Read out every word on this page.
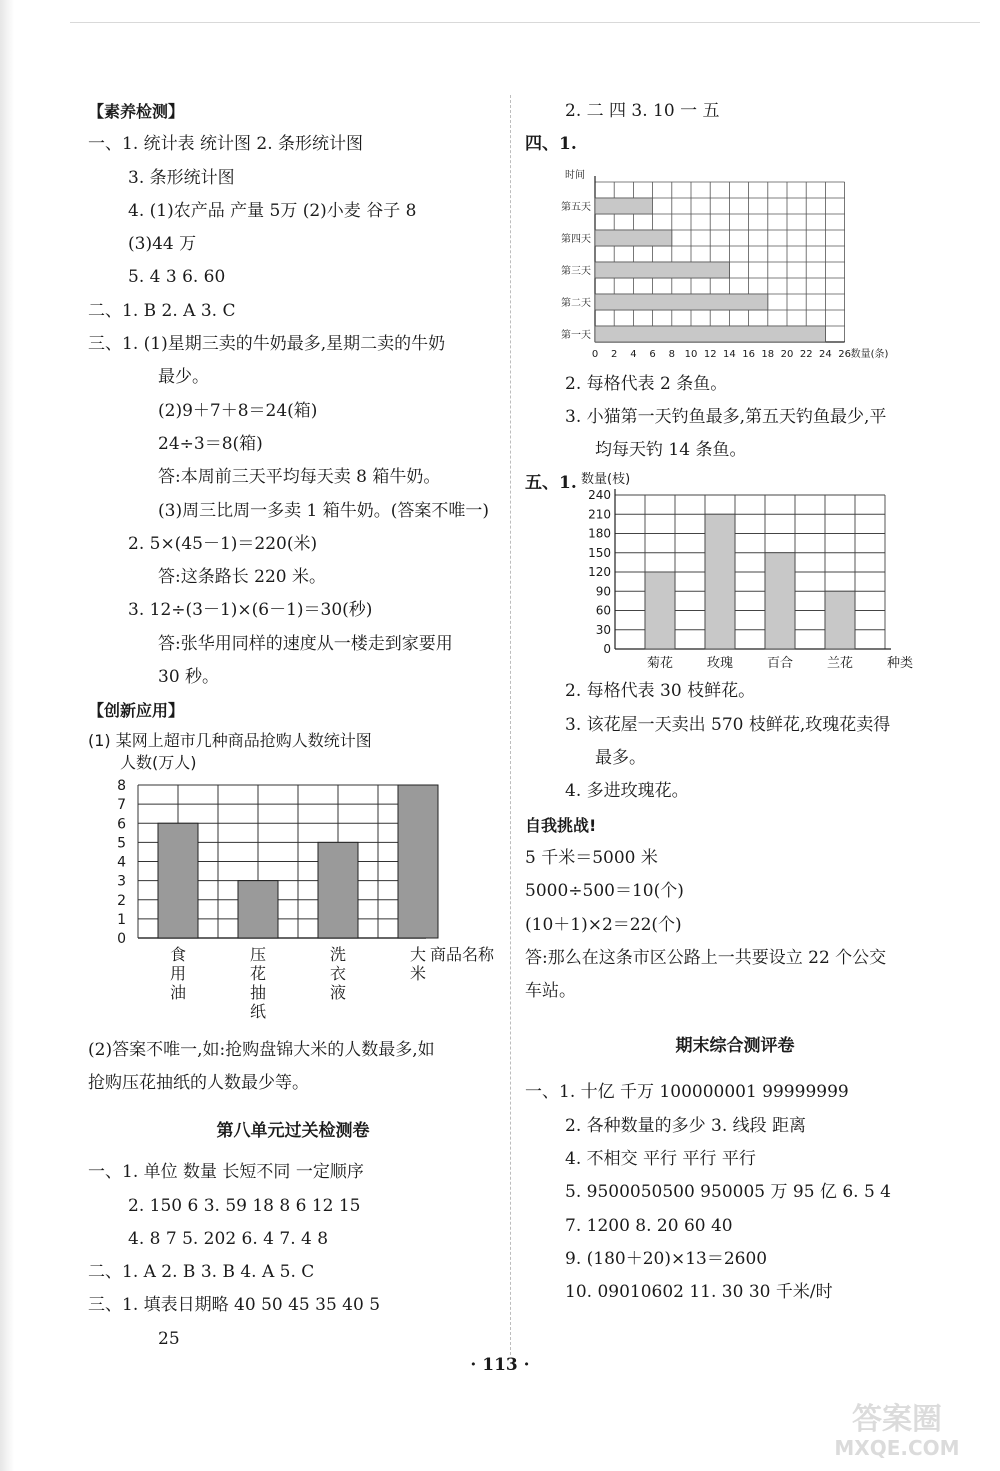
【素养检测】
一、1. 统计表 统计图 2. 条形统计图
3. 条形统计图
4. (1)农产品 产量 5万 (2)小麦 谷子 8
(3)44 万
5. 4 3 6. 60
二、1. B 2. A 3. C
三、1. (1)星期三卖的牛奶最多,星期二卖的牛奶
最少。
(2)9＋7＋8＝24(箱)
24÷3＝8(箱)
答:本周前三天平均每天卖 8 箱牛奶。
(3)周三比周一多卖 1 箱牛奶。(答案不唯一)
2. 5×(45－1)＝220(米)
答:这条路长 220 米。
3. 12÷(3－1)×(6－1)＝30(秒)
答:张华用同样的速度从一楼走到家要用
30 秒。
【创新应用】
(1) 某网上超市几种商品抢购人数统计图
人数(万人)
0
1
2
3
4
5
6
7
8
食
用
油
压
花
抽
纸
洗
衣
液
大
米
商品名称
(2)答案不唯一,如:抢购盘锦大米的人数最多,如
抢购压花抽纸的人数最少等。
第八单元过关检测卷
一、1. 单位 数量 长短不同 一定顺序
2. 150 6 3. 59 18 8 6 12 15
4. 8 7 5. 202 6. 4 7. 4 8
二、1. A 2. B 3. B 4. A 5. C
三、1. 填表日期略 40 50 45 35 40 5
25
2. 二 四 3. 10 一 五
四、1.
时间
0 2 4 6 8 10 12 14 16 18 20 22 24 26
第一天
第二天
第三天
第四天
第五天
数量(条)
2. 每格代表 2 条鱼。
3. 小猫第一天钓鱼最多,第五天钓鱼最少,平
均每天钓 14 条鱼。
五、1. 数量(枝)
0
30
60
90
120
150
180
210
240
菊花	玫瑰	百合	兰花	种类
2. 每格代表 30 枝鲜花。
3. 该花屋一天卖出 570 枝鲜花,玫瑰花卖得
最多。
4. 多进玫瑰花。
自我挑战!
5 千米＝5000 米
5000÷500＝10(个)
(10＋1)×2＝22(个)
答:那么在这条市区公路上一共要设立 22 个公交
车站。
期末综合测评卷
一、1. 十亿 千万 100000001 99999999
2. 各种数量的多少 3. 线段 距离
4. 不相交 平行 平行 平行
5. 9500050500 950005 万 95 亿 6. 5 4
7. 1200 8. 20 60 40
9. (180＋20)×13＝2600
10. 09010602 11. 30 30 千米/时
· 113 ·
答案圈
MXQE.COM
